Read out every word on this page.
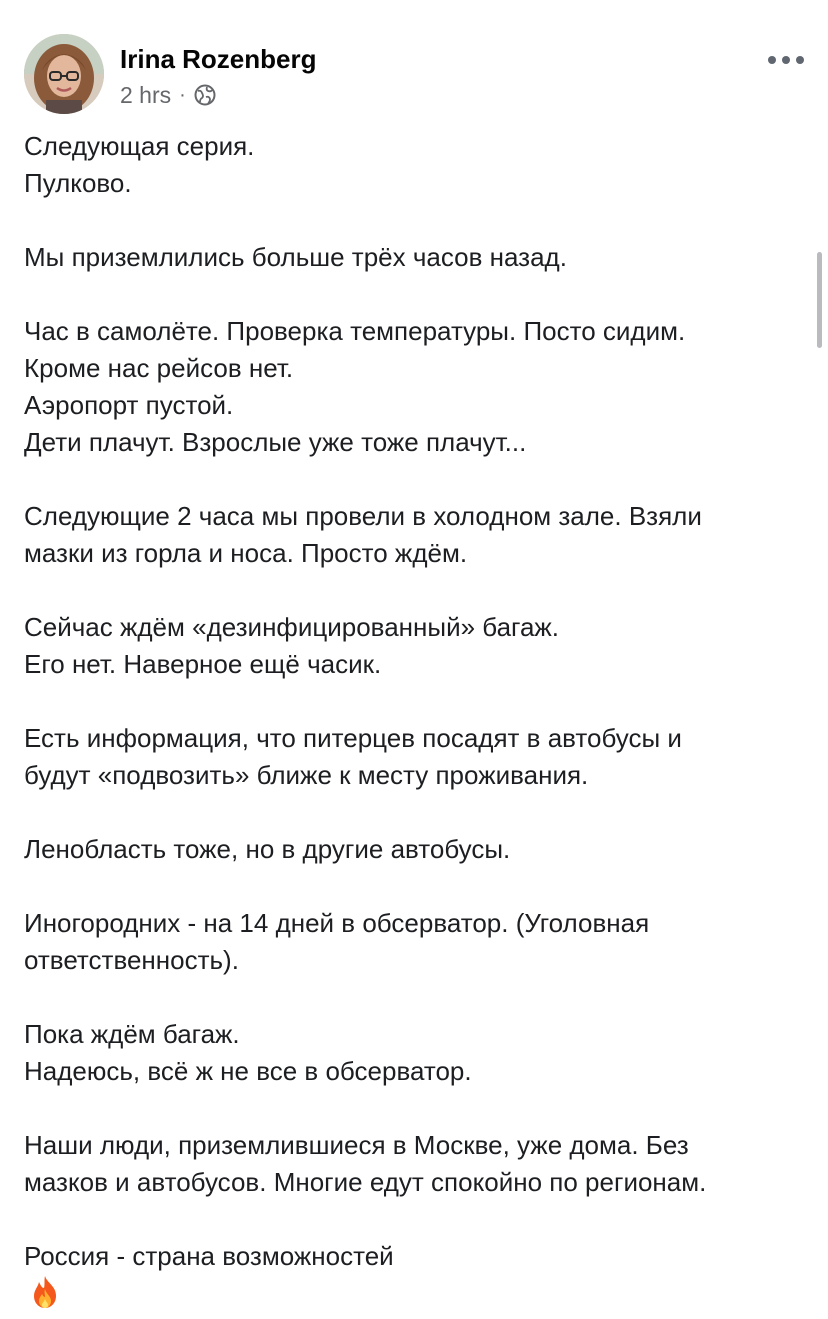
Irina Rozenberg
2 hrs ·

Следующая серия.
Пулково.

Мы приземлились больше трёх часов назад.

Час в самолёте. Проверка температуры. Посто сидим.
Кроме нас рейсов нет.
Аэропорт пустой.
Дети плачут. Взрослые уже тоже плачут...

Следующие 2 часа мы провели в холодном зале. Взяли
мазки из горла и носа. Просто ждём.

Сейчас ждём «дезинфицированный» багаж.
Его нет. Наверное ещё часик.

Есть информация, что питерцев посадят в автобусы и
будут «подвозить» ближе к месту проживания.

Ленобласть тоже, но в другие автобусы.

Иногородних - на 14 дней в обсерватор. (Уголовная
ответственность).

Пока ждём багаж.
Надеюсь, всё ж не все в обсерватор.

Наши люди, приземлившиеся в Москве, уже дома. Без
мазков и автобусов. Многие едут спокойно по регионам.

Россия - страна возможностей
